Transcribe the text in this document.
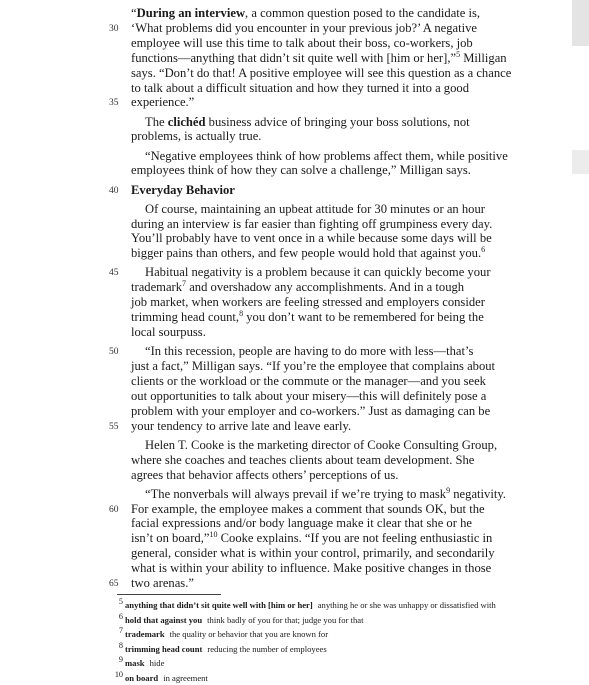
“During an interview, a common question posed to the candidate is,
‘What problems did you encounter in your previous job?’ A negative
30
employee will use this time to talk about their boss, co-workers, job
functions—anything that didn’t sit quite well with [him or her],”$^5$ Milligan
says. “Don’t do that! A positive employee will see this question as a chance
to talk about a difficult situation and how they turned it into a good
experience.”
35
The clichéd business advice of bringing your boss solutions, not
problems, is actually true.
“Negative employees think of how problems affect them, while positive
employees think of how they can solve a challenge,” Milligan says.
Everyday Behavior
40
Of course, maintaining an upbeat attitude for 30 minutes or an hour
during an interview is far easier than fighting off grumpiness every day.
You’ll probably have to vent once in a while because some days will be
bigger pains than others, and few people would hold that against you.$^6$
Habitual negativity is a problem because it can quickly become your
45
trademark$^7$ and overshadow any accomplishments. And in a tough
job market, when workers are feeling stressed and employers consider
trimming head count,$^8$ you don’t want to be remembered for being the
local sourpuss.
“In this recession, people are having to do more with less—that’s
50
just a fact,” Milligan says. “If you’re the employee that complains about
clients or the workload or the commute or the manager—and you seek
out opportunities to talk about your misery—this will definitely pose a
problem with your employer and co-workers.” Just as damaging can be
your tendency to arrive late and leave early.
55
Helen T. Cooke is the marketing director of Cooke Consulting Group,
where she coaches and teaches clients about team development. She
agrees that behavior affects others’ perceptions of us.
“The nonverbals will always prevail if we’re trying to mask$^9$ negativity.
For example, the employee makes a comment that sounds OK, but the
60
facial expressions and/or body language make it clear that she or he
isn’t on board,”$^{10}$ Cooke explains. “If you are not feeling enthusiastic in
general, consider what is within your control, primarily, and secondarily
what is within your ability to influence. Make positive changes in those
two arenas.”
65
5 anything that didn’t sit quite well with [him or her] anything he or she was unhappy or dissatisfied with
6 hold that against you think badly of you for that; judge you for that
7 trademark the quality or behavior that you are known for
8 trimming head count reducing the number of employees
9 mask hide
10 on board in agreement
